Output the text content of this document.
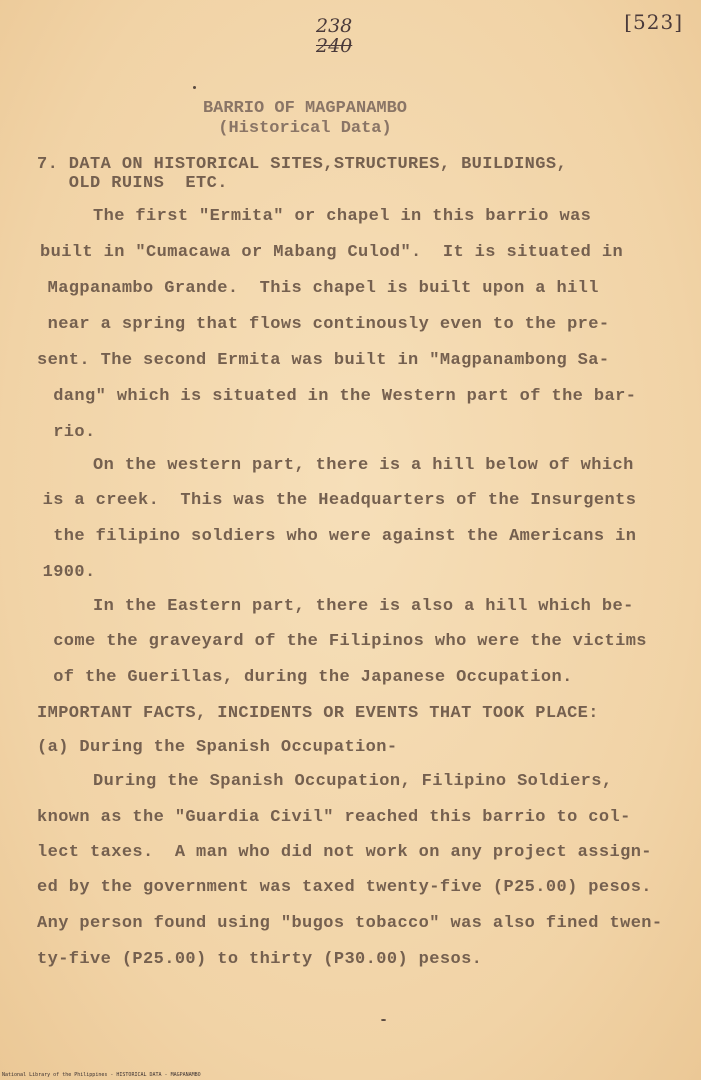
238
240
[523]
BARRIO OF MAGPANAMBO
(Historical Data)
7. DATA ON HISTORICAL SITES,STRUCTURES, BUILDINGS,
OLD RUINS  ETC.
The first "Ermita" or chapel in this barrio was
built in "Cumacawa or Mabang Culod".  It is situated in
Magpanambo Grande.  This chapel is built upon a hill
near a spring that flows continously even to the pre-
sent. The second Ermita was built in "Magpanambong Sa-
dang" which is situated in the Western part of the bar-
rio.
On the western part, there is a hill below of which
is a creek.  This was the Headquarters of the Insurgents
the filipino soldiers who were against the Americans in
1900.
In the Eastern part, there is also a hill which be-
come the graveyard of the Filipinos who were the victims
of the Guerillas, during the Japanese Occupation.
IMPORTANT FACTS, INCIDENTS OR EVENTS THAT TOOK PLACE:
(a) During the Spanish Occupation-
During the Spanish Occupation, Filipino Soldiers,
known as the "Guardia Civil" reached this barrio to col-
lect taxes.  A man who did not work on any project assign-
ed by the government was taxed twenty-five (P25.00) pesos.
Any person found using "bugos tobacco" was also fined twen-
ty-five (P25.00) to thirty (P30.00) pesos.
National Library of the Philippines - HISTORICAL DATA - MAGPANAMBO
